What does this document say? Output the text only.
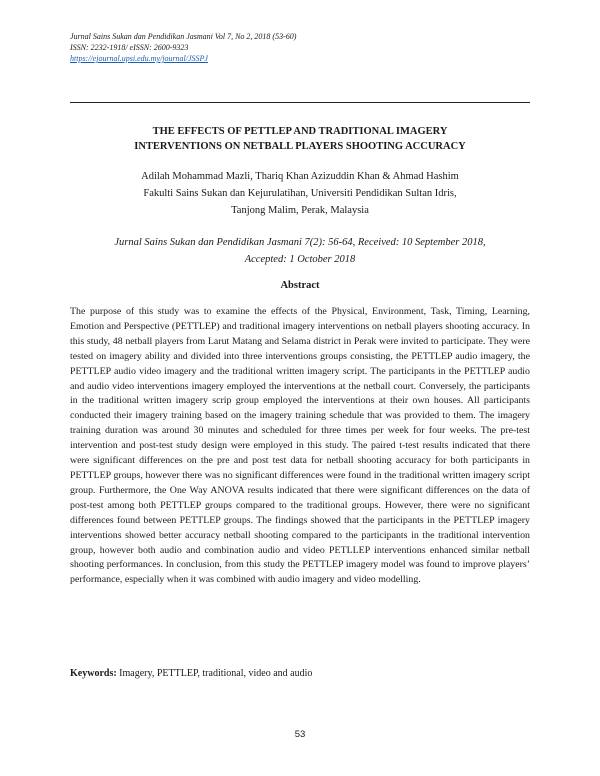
Jurnal Sains Sukan dan Pendidikan Jasmani Vol 7, No 2, 2018 (53-60)
ISSN: 2232-1918/ eISSN: 2600-9323
https://ejournal.upsi.edu.my/journal/JSSPJ
THE EFFECTS OF PETTLEP AND TRADITIONAL IMAGERY
INTERVENTIONS ON NETBALL PLAYERS SHOOTING ACCURACY
Adilah Mohammad Mazli, Thariq Khan Azizuddin Khan & Ahmad Hashim
Fakulti Sains Sukan dan Kejurulatihan, Universiti Pendidikan Sultan Idris,
Tanjong Malim, Perak, Malaysia
Jurnal Sains Sukan dan Pendidikan Jasmani 7(2): 56-64, Received: 10 September 2018,
Accepted: 1 October 2018
Abstract

The purpose of this study was to examine the effects of the Physical, Environment, Task, Timing, Learning, Emotion and Perspective (PETTLEP) and traditional imagery interventions on netball players shooting accuracy. In this study, 48 netball players from Larut Matang and Selama district in Perak were invited to participate. They were tested on imagery ability and divided into three interventions groups consisting, the PETTLEP audio imagery, the PETTLEP audio video imagery and the traditional written imagery script. The participants in the PETTLEP audio and audio video interventions imagery employed the interventions at the netball court. Conversely, the participants in the traditional written imagery scrip group employed the interventions at their own houses. All participants conducted their imagery training based on the imagery training schedule that was provided to them. The imagery training duration was around 30 minutes and scheduled for three times per week for four weeks. The pre-test intervention and post-test study design were employed in this study. The paired t-test results indicated that there were significant differences on the pre and post test data for netball shooting accuracy for both participants in PETTLEP groups, however there was no significant differences were found in the traditional written imagery script group. Furthermore, the One Way ANOVA results indicated that there were significant differences on the data of post-test among both PETTLEP groups compared to the traditional groups. However, there were no significant differences found between PETTLEP groups. The findings showed that the participants in the PETTLEP imagery interventions showed better accuracy netball shooting compared to the participants in the traditional intervention group, however both audio and combination audio and video PETLLEP interventions enhanced similar netball shooting performances. In conclusion, from this study the PETTLEP imagery model was found to improve players’ performance, especially when it was combined with audio imagery and video modelling.

Keywords: Imagery, PETTLEP, traditional, video and audio
53
